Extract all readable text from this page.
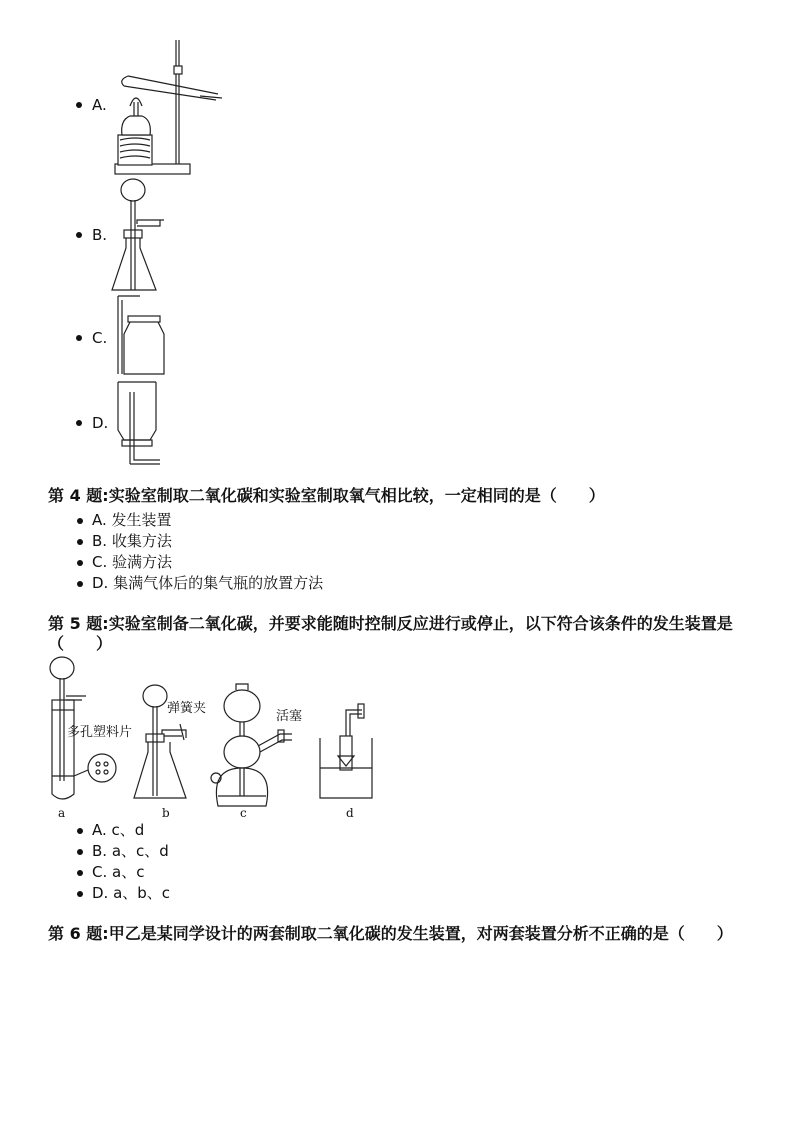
A.
B.
C.
D.
第 4 题:实验室制取二氧化碳和实验室制取氧气相比较，一定相同的是（　　）
A. 发生装置
B. 收集方法
C. 验满方法
D. 集满气体后的集气瓶的放置方法
第 5 题:实验室制备二氧化碳，并要求能随时控制反应进行或停止，以下符合该条件的发生装置是（　　）
多孔塑料片
弹簧夹
活塞
a	b	c	d
A. c、d
B. a、c、d
C. a、c
D. a、b、c
第 6 题:甲乙是某同学设计的两套制取二氧化碳的发生装置，对两套装置分析不正确的是（　　）
